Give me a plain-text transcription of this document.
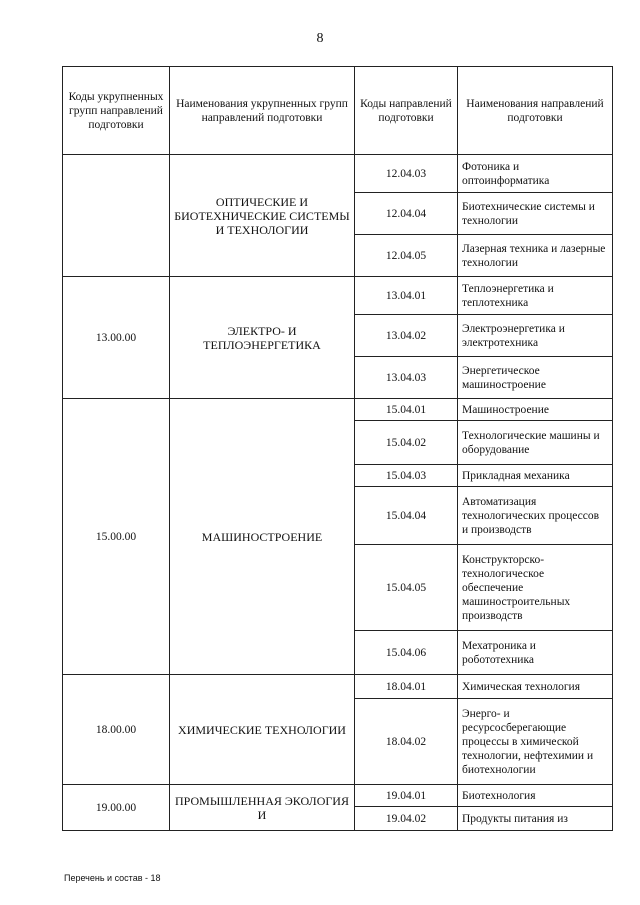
8
Коды укрупненных групп направлений подготовки	Наименования укрупненных групп направлений подготовки	Коды направлений подготовки	Наименования направлений подготовки
	ОПТИЧЕСКИЕ И БИОТЕХНИЧЕСКИЕ СИСТЕМЫ И ТЕХНОЛОГИИ	12.04.03	Фотоника и оптоинформатика
		12.04.04	Биотехнические системы и технологии
		12.04.05	Лазерная техника и лазерные технологии
13.00.00	ЭЛЕКТРО- И ТЕПЛОЭНЕРГЕТИКА	13.04.01	Теплоэнергетика и теплотехника
		13.04.02	Электроэнергетика и электротехника
		13.04.03	Энергетическое машиностроение
15.00.00	МАШИНОСТРОЕНИЕ	15.04.01	Машиностроение
		15.04.02	Технологические машины и оборудование
		15.04.03	Прикладная механика
		15.04.04	Автоматизация технологических процессов и производств
		15.04.05	Конструкторско-технологическое обеспечение машиностроительных производств
		15.04.06	Мехатроника и робототехника
18.00.00	ХИМИЧЕСКИЕ ТЕХНОЛОГИИ	18.04.01	Химическая технология
		18.04.02	Энерго- и ресурсосберегающие процессы в химической технологии, нефтехимии и биотехнологии
19.00.00	ПРОМЫШЛЕННАЯ ЭКОЛОГИЯ И	19.04.01	Биотехнология
		19.04.02	Продукты питания из
Перечень и состав - 18
